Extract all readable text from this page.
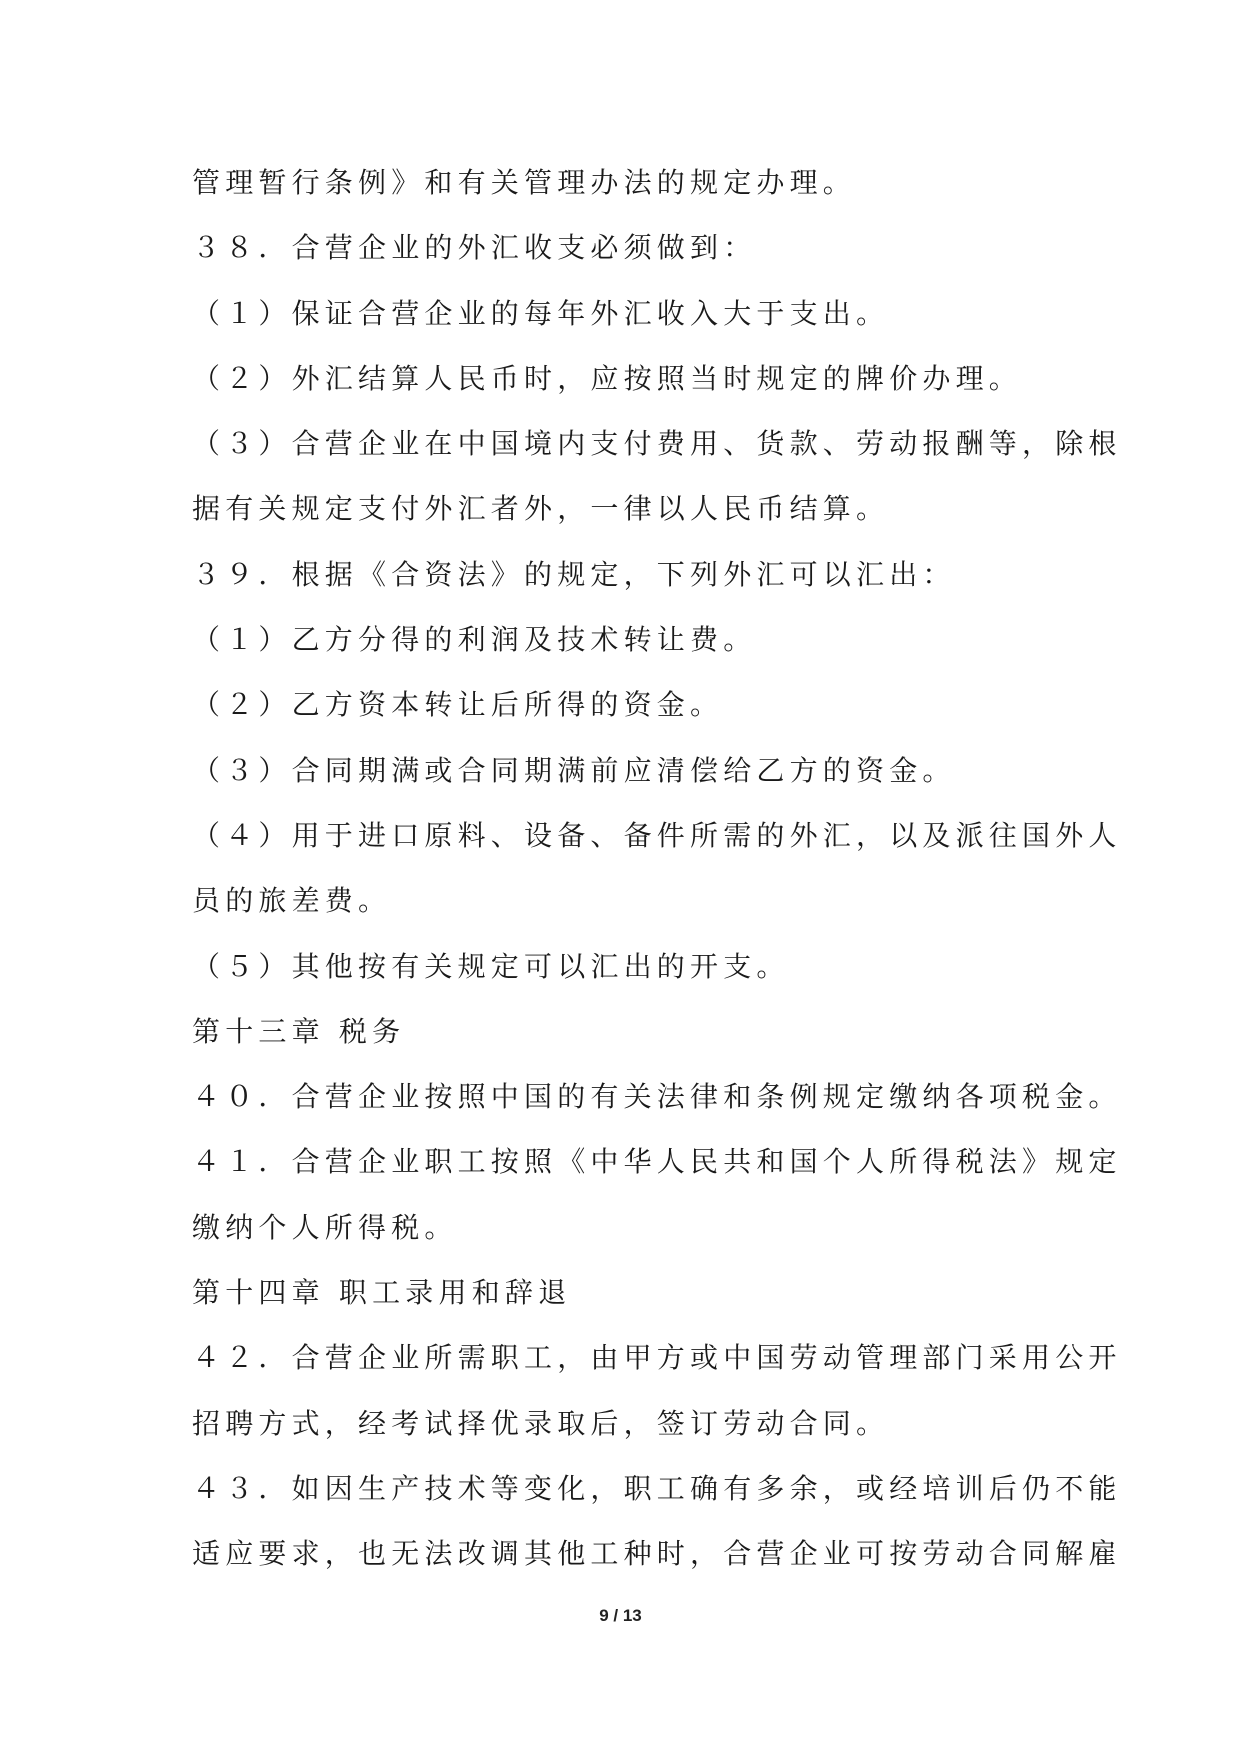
管理暂行条例》和有关管理办法的规定办理。
３８．合营企业的外汇收支必须做到：
（１）保证合营企业的每年外汇收入大于支出。
（２）外汇结算人民币时，应按照当时规定的牌价办理。
（３）合营企业在中国境内支付费用、货款、劳动报酬等，除根
据有关规定支付外汇者外，一律以人民币结算。
３９．根据《合资法》的规定，下列外汇可以汇出：
（１）乙方分得的利润及技术转让费。
（２）乙方资本转让后所得的资金。
（３）合同期满或合同期满前应清偿给乙方的资金。
（４）用于进口原料、设备、备件所需的外汇，以及派往国外人
员的旅差费。
（５）其他按有关规定可以汇出的开支。
第十三章 税务
４０．合营企业按照中国的有关法律和条例规定缴纳各项税金。
４１．合营企业职工按照《中华人民共和国个人所得税法》规定
缴纳个人所得税。
第十四章 职工录用和辞退
４２．合营企业所需职工，由甲方或中国劳动管理部门采用公开
招聘方式，经考试择优录取后，签订劳动合同。
４３．如因生产技术等变化，职工确有多余，或经培训后仍不能
适应要求，也无法改调其他工种时，合营企业可按劳动合同解雇
9 / 13
